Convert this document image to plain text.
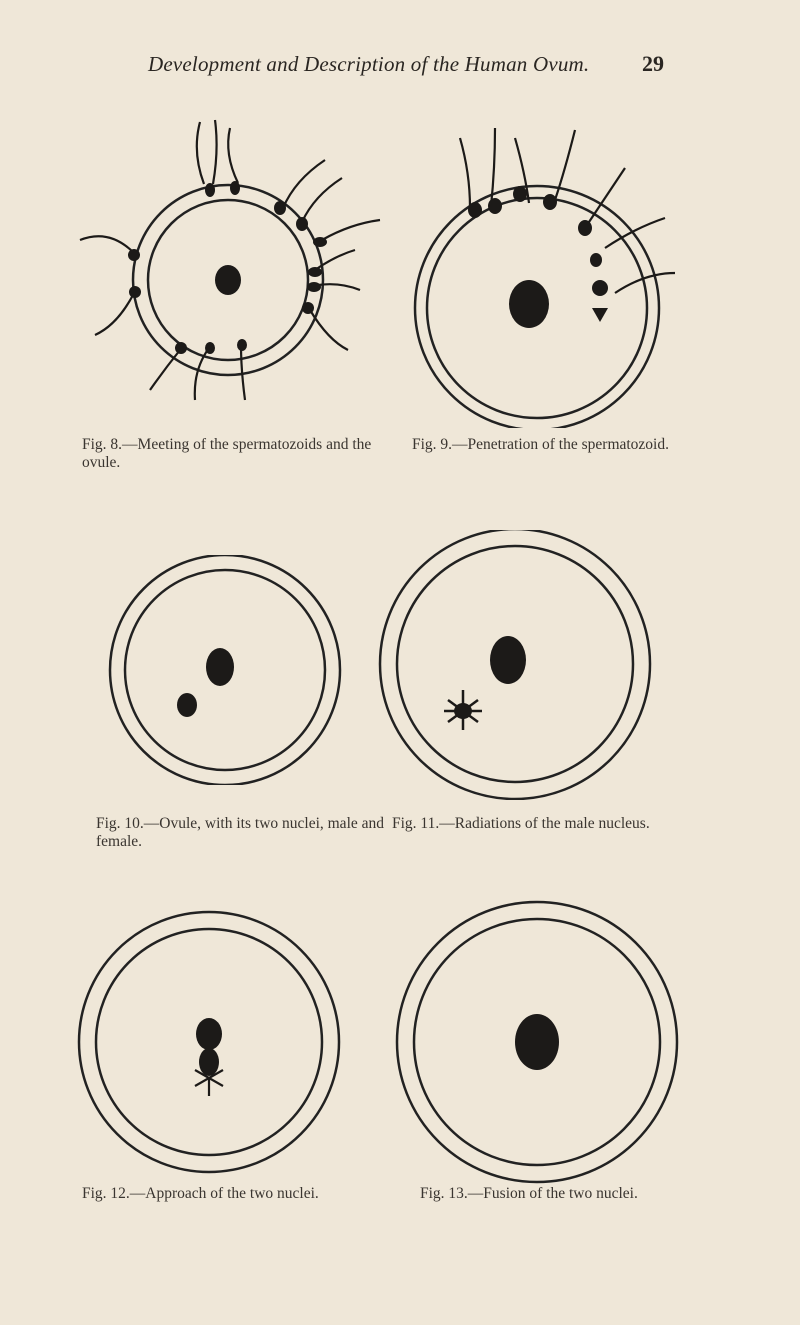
Development and Description of the Human Ovum. 29
Fig. 8.—Meeting of the spermatozoids and the ovule.
Fig. 9.—Penetration of the spermatozoid.
Fig. 10.—Ovule, with its two nuclei, male and female.
Fig. 11.—Radiations of the male nucleus.
Fig. 12.—Approach of the two nuclei.	Fig. 13.—Fusion of the two nuclei.
